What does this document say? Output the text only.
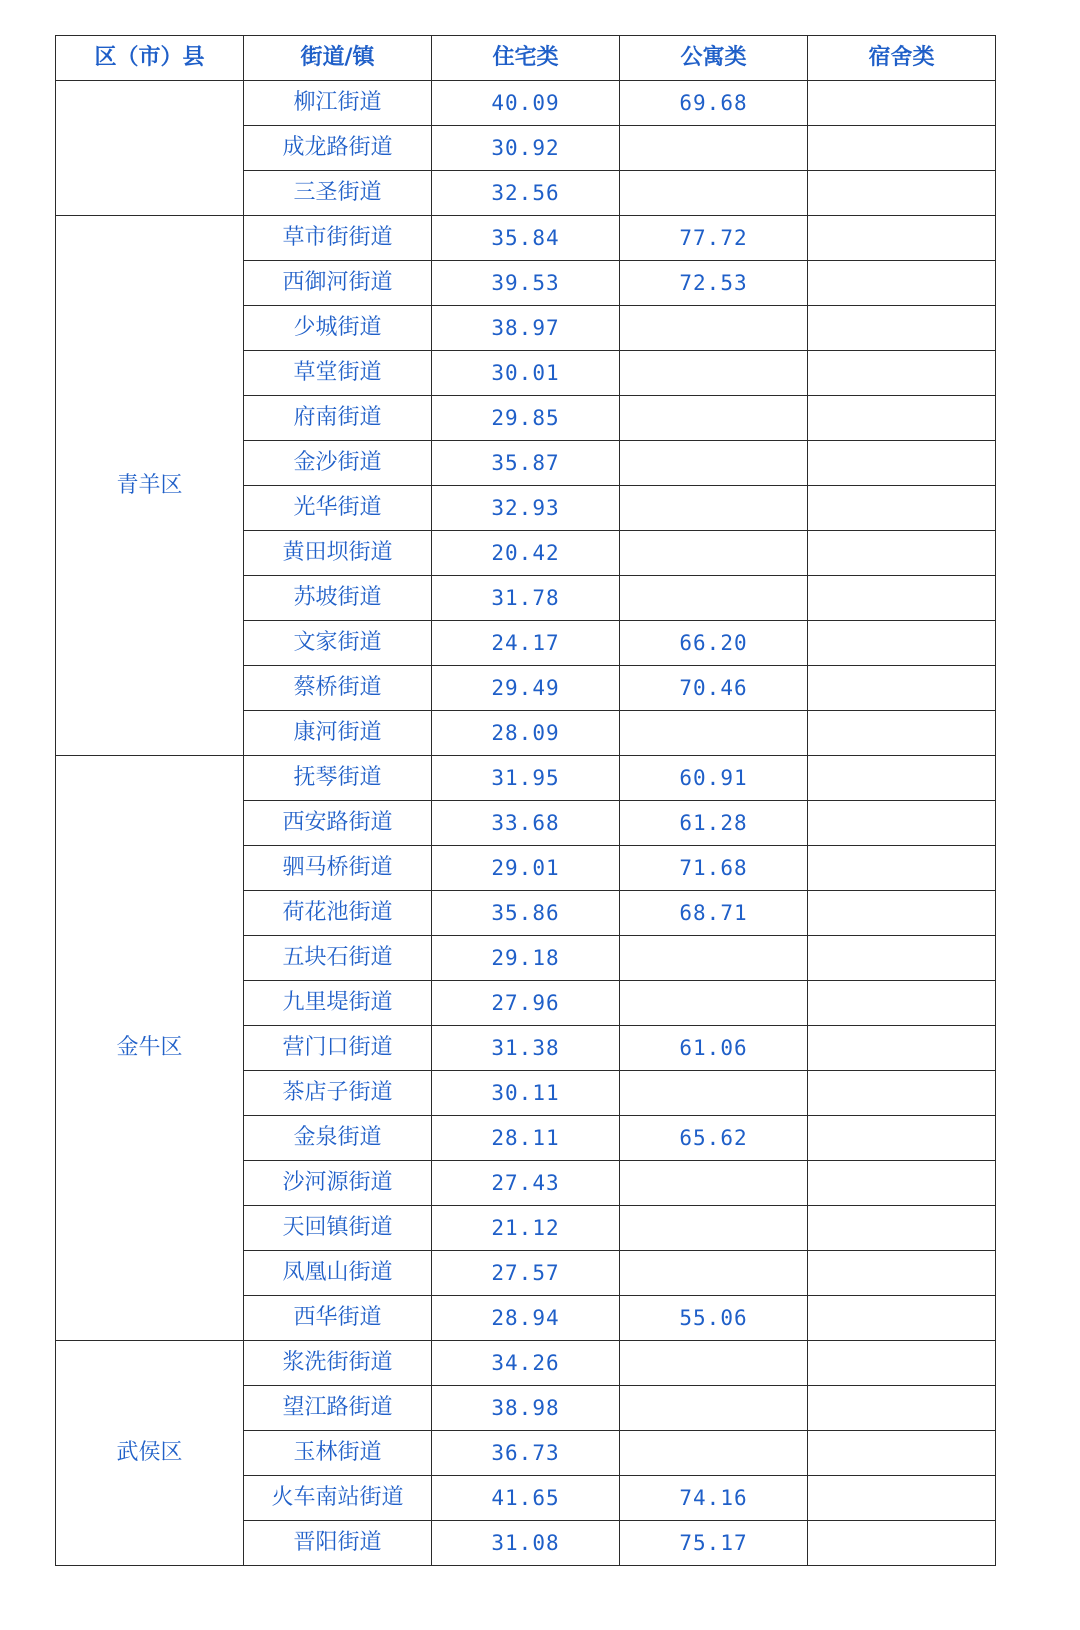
区（市）县	街道/镇	住宅类	公寓类	宿舍类
	柳江街道	40.09	69.68	
	成龙路街道	30.92		
	三圣街道	32.56		
青羊区	草市街街道	35.84	77.72	
	西御河街道	39.53	72.53	
	少城街道	38.97		
	草堂街道	30.01		
	府南街道	29.85		
	金沙街道	35.87		
	光华街道	32.93		
	黄田坝街道	20.42		
	苏坡街道	31.78		
	文家街道	24.17	66.20	
	蔡桥街道	29.49	70.46	
	康河街道	28.09		
金牛区	抚琴街道	31.95	60.91	
	西安路街道	33.68	61.28	
	驷马桥街道	29.01	71.68	
	荷花池街道	35.86	68.71	
	五块石街道	29.18		
	九里堤街道	27.96		
	营门口街道	31.38	61.06	
	茶店子街道	30.11		
	金泉街道	28.11	65.62	
	沙河源街道	27.43		
	天回镇街道	21.12		
	凤凰山街道	27.57		
	西华街道	28.94	55.06	
武侯区	浆洗街街道	34.26		
	望江路街道	38.98		
	玉林街道	36.73		
	火车南站街道	41.65	74.16	
	晋阳街道	31.08	75.17	
